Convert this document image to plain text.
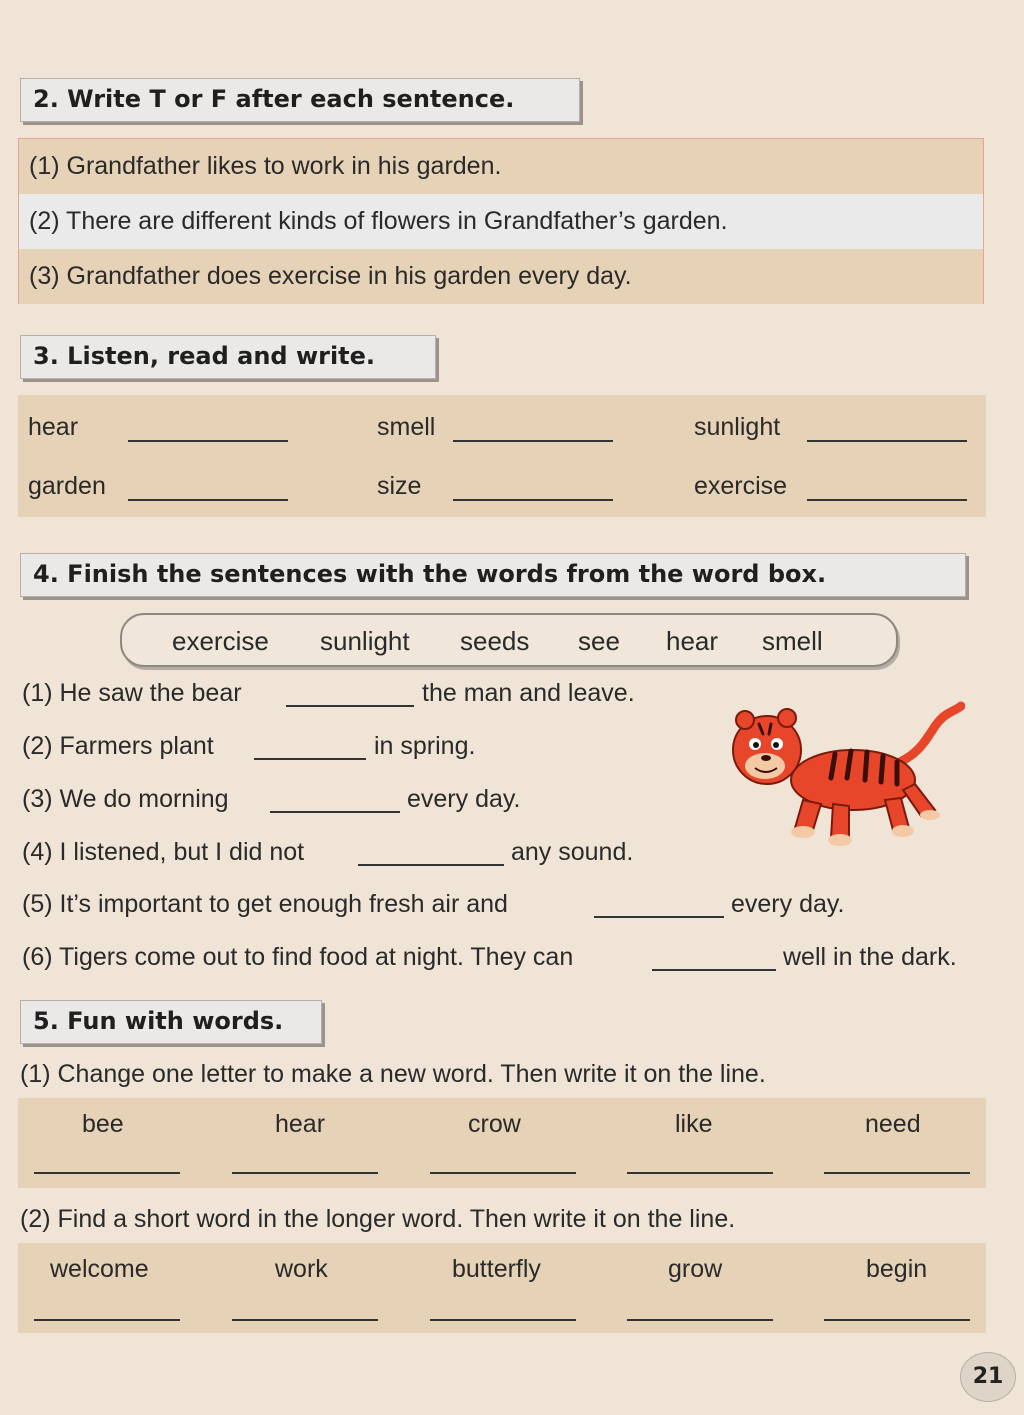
2. Write T or F after each sentence.
(1) Grandfather likes to work in his garden.
(2) There are different kinds of flowers in Grandfather’s garden.
(3) Grandfather does exercise in his garden every day.
3. Listen, read and write.
hear	smell	sunlight
garden	size	exercise
4. Finish the sentences with the words from the word box.
exercise sunlight seeds see hear smell
(1) He saw the bear	the man and leave.
(2) Farmers plant	in spring.
(3) We do morning	every day.
(4) I listened, but I did not	any sound.
(5) It’s important to get enough fresh air and	every day.
(6) Tigers come out to find food at night. They can	well in the dark.
5. Fun with words.
(1) Change one letter to make a new word. Then write it on the line.
bee	hear	crow	like	need
(2) Find a short word in the longer word. Then write it on the line.
welcome	work	butterfly	grow	begin
21
